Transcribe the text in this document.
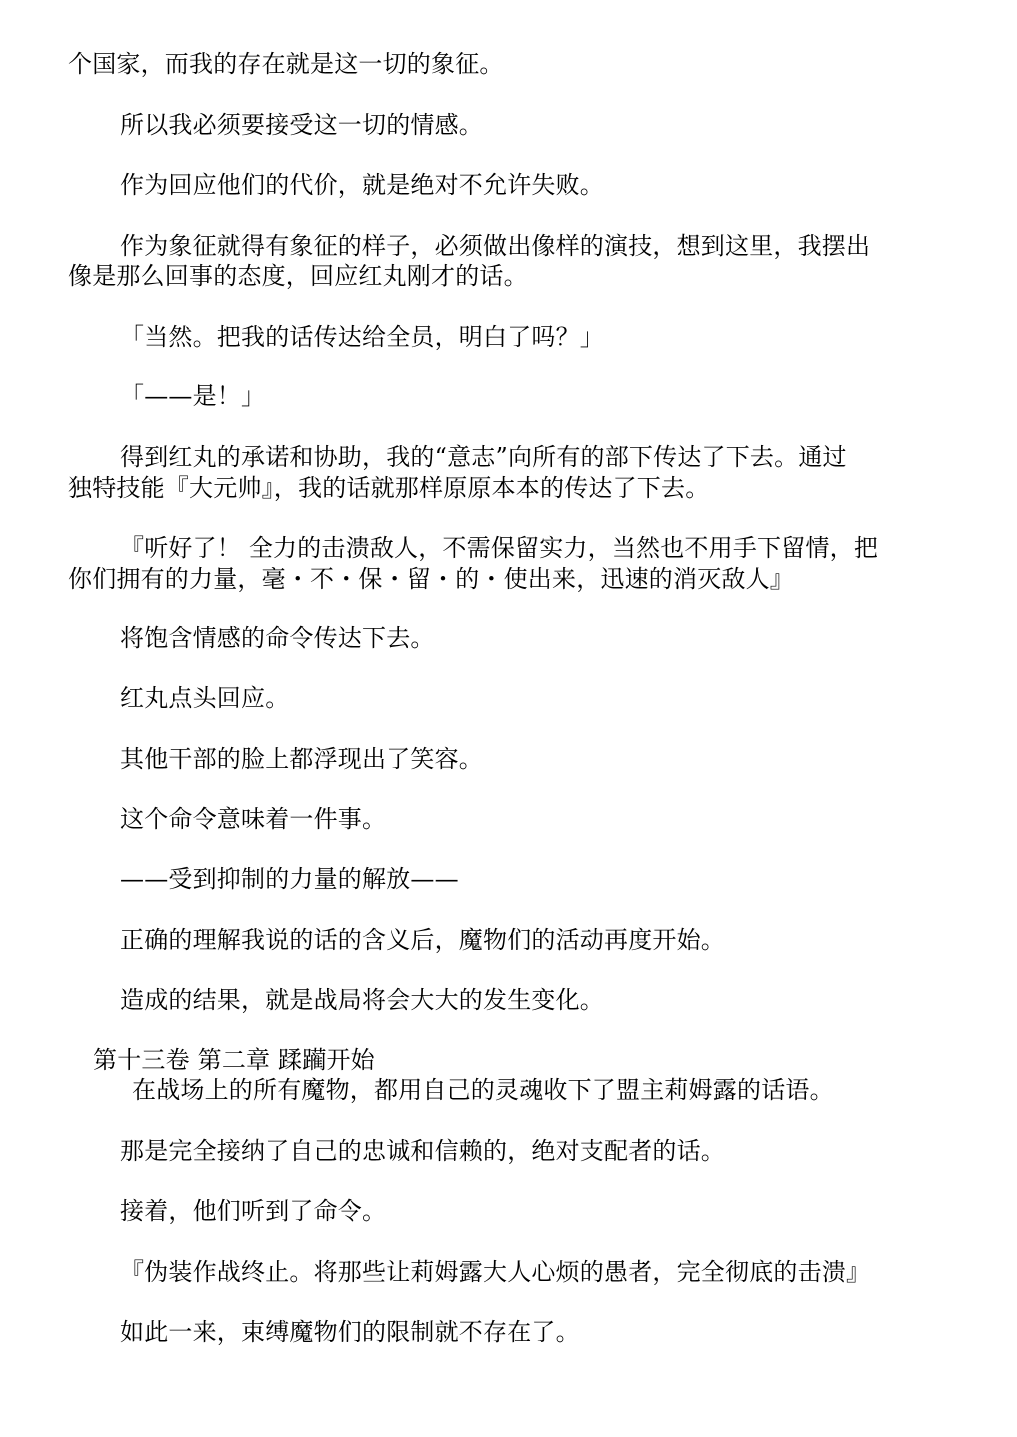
个国家，而我的存在就是这一切的象征。
所以我必须要接受这一切的情感。
作为回应他们的代价，就是绝对不允许失败。
作为象征就得有象征的样子，必须做出像样的演技，想到这里，我摆出
像是那么回事的态度，回应红丸刚才的话。
「当然。把我的话传达给全员，明白了吗？」
「——是！」
得到红丸的承诺和协助，我的“意志”向所有的部下传达了下去。通过
独特技能『大元帅』，我的话就那样原原本本的传达了下去。
『听好了！ 全力的击溃敌人，不需保留实力，当然也不用手下留情，把
你们拥有的力量，毫・不・保・留・的・使出来，迅速的消灭敌人』
将饱含情感的命令传达下去。
红丸点头回应。
其他干部的脸上都浮现出了笑容。
这个命令意味着一件事。
——受到抑制的力量的解放——
正确的理解我说的话的含义后，魔物们的活动再度开始。
造成的结果，就是战局将会大大的发生变化。
第十三卷 第二章 蹂躏开始
在战场上的所有魔物，都用自己的灵魂收下了盟主莉姆露的话语。
那是完全接纳了自己的忠诚和信赖的，绝对支配者的话。
接着，他们听到了命令。
『伪装作战终止。将那些让莉姆露大人心烦的愚者，完全彻底的击溃』
如此一来，束缚魔物们的限制就不存在了。
